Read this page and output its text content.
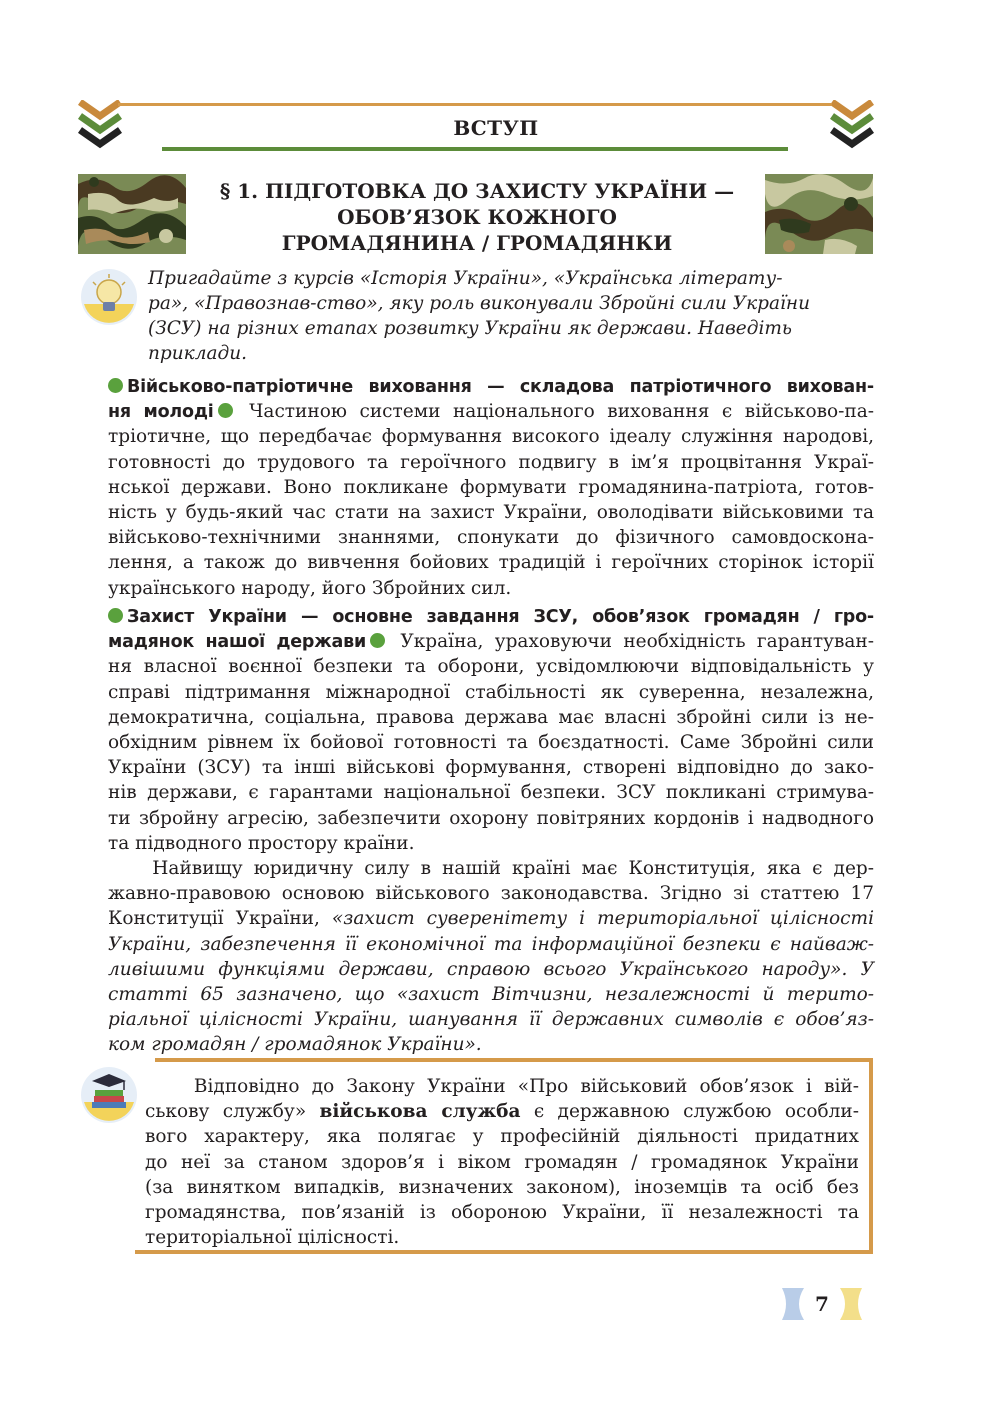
ВСТУП
§ 1. ПІДГОТОВКА ДО ЗАХИСТУ УКРАЇНИ —
ОБОВ’ЯЗОК КОЖНОГО
ГРОМАДЯНИНА / ГРОМАДЯНКИ
Пригадайте з курсів «Історія України», «Українська літерату-
ра», «Правознав-ство», яку роль виконували Збройні сили України
(ЗСУ) на різних етапах розвитку України як держави. Наведіть
приклади.
Військово-патріотичне виховання — складова патріотичного вихован-
ня молоді Частиною системи національного виховання є військово-па-
тріотичне, що передбачає формування високого ідеалу служіння народові,
готовності до трудового та героїчного подвигу в ім’я процвітання Украї-
нської держави. Воно покликане формувати громадянина-патріота, готов-
ність у будь-який час стати на захист України, оволодівати військовими та
військово-технічними знаннями, спонукати до фізичного самовдоскона-
лення, а також до вивчення бойових традицій і героїчних сторінок історії
українського народу, його Збройних сил.
Захист України — основне завдання ЗСУ, обов’язок громадян / гро-
мадянок нашої держави Україна, ураховуючи необхідність гарантуван-
ня власної воєнної безпеки та оборони, усвідомлюючи відповідальність у
справі підтримання міжнародної стабільності як суверенна, незалежна,
демократична, соціальна, правова держава має власні збройні сили із не-
обхідним рівнем їх бойової готовності та боєздатності. Саме Збройні сили
України (ЗСУ) та інші військові формування, створені відповідно до зако-
нів держави, є гарантами національної безпеки. ЗСУ покликані стримува-
ти збройну агресію, забезпечити охорону повітряних кордонів і надводного
та підводного простору країни.
Найвищу юридичну силу в нашій країні має Конституція, яка є дер-
жавно-правовою основою військового законодавства. Згідно зі статтею 17
Конституції України, «захист суверенітету і територіальної цілісності
України, забезпечення її економічної та інформаційної безпеки є найваж-
ливішими функціями держави, справою всього Українського народу». У
статті 65 зазначено, що «захист Вітчизни, незалежності й терито-
ріальної цілісності України, шанування її державних символів є обов’яз-
ком громадян / громадянок України».
Відповідно до Закону України «Про військовий обов’язок і вій-
ськову службу» військова служба є державною службою особли-
вого характеру, яка полягає у професійній діяльності придатних
до неї за станом здоров’я і віком громадян / громадянок України
(за винятком випадків, визначених законом), іноземців та осіб без
громадянства, пов’язаній із обороною України, її незалежності та
територіальної цілісності.
7
